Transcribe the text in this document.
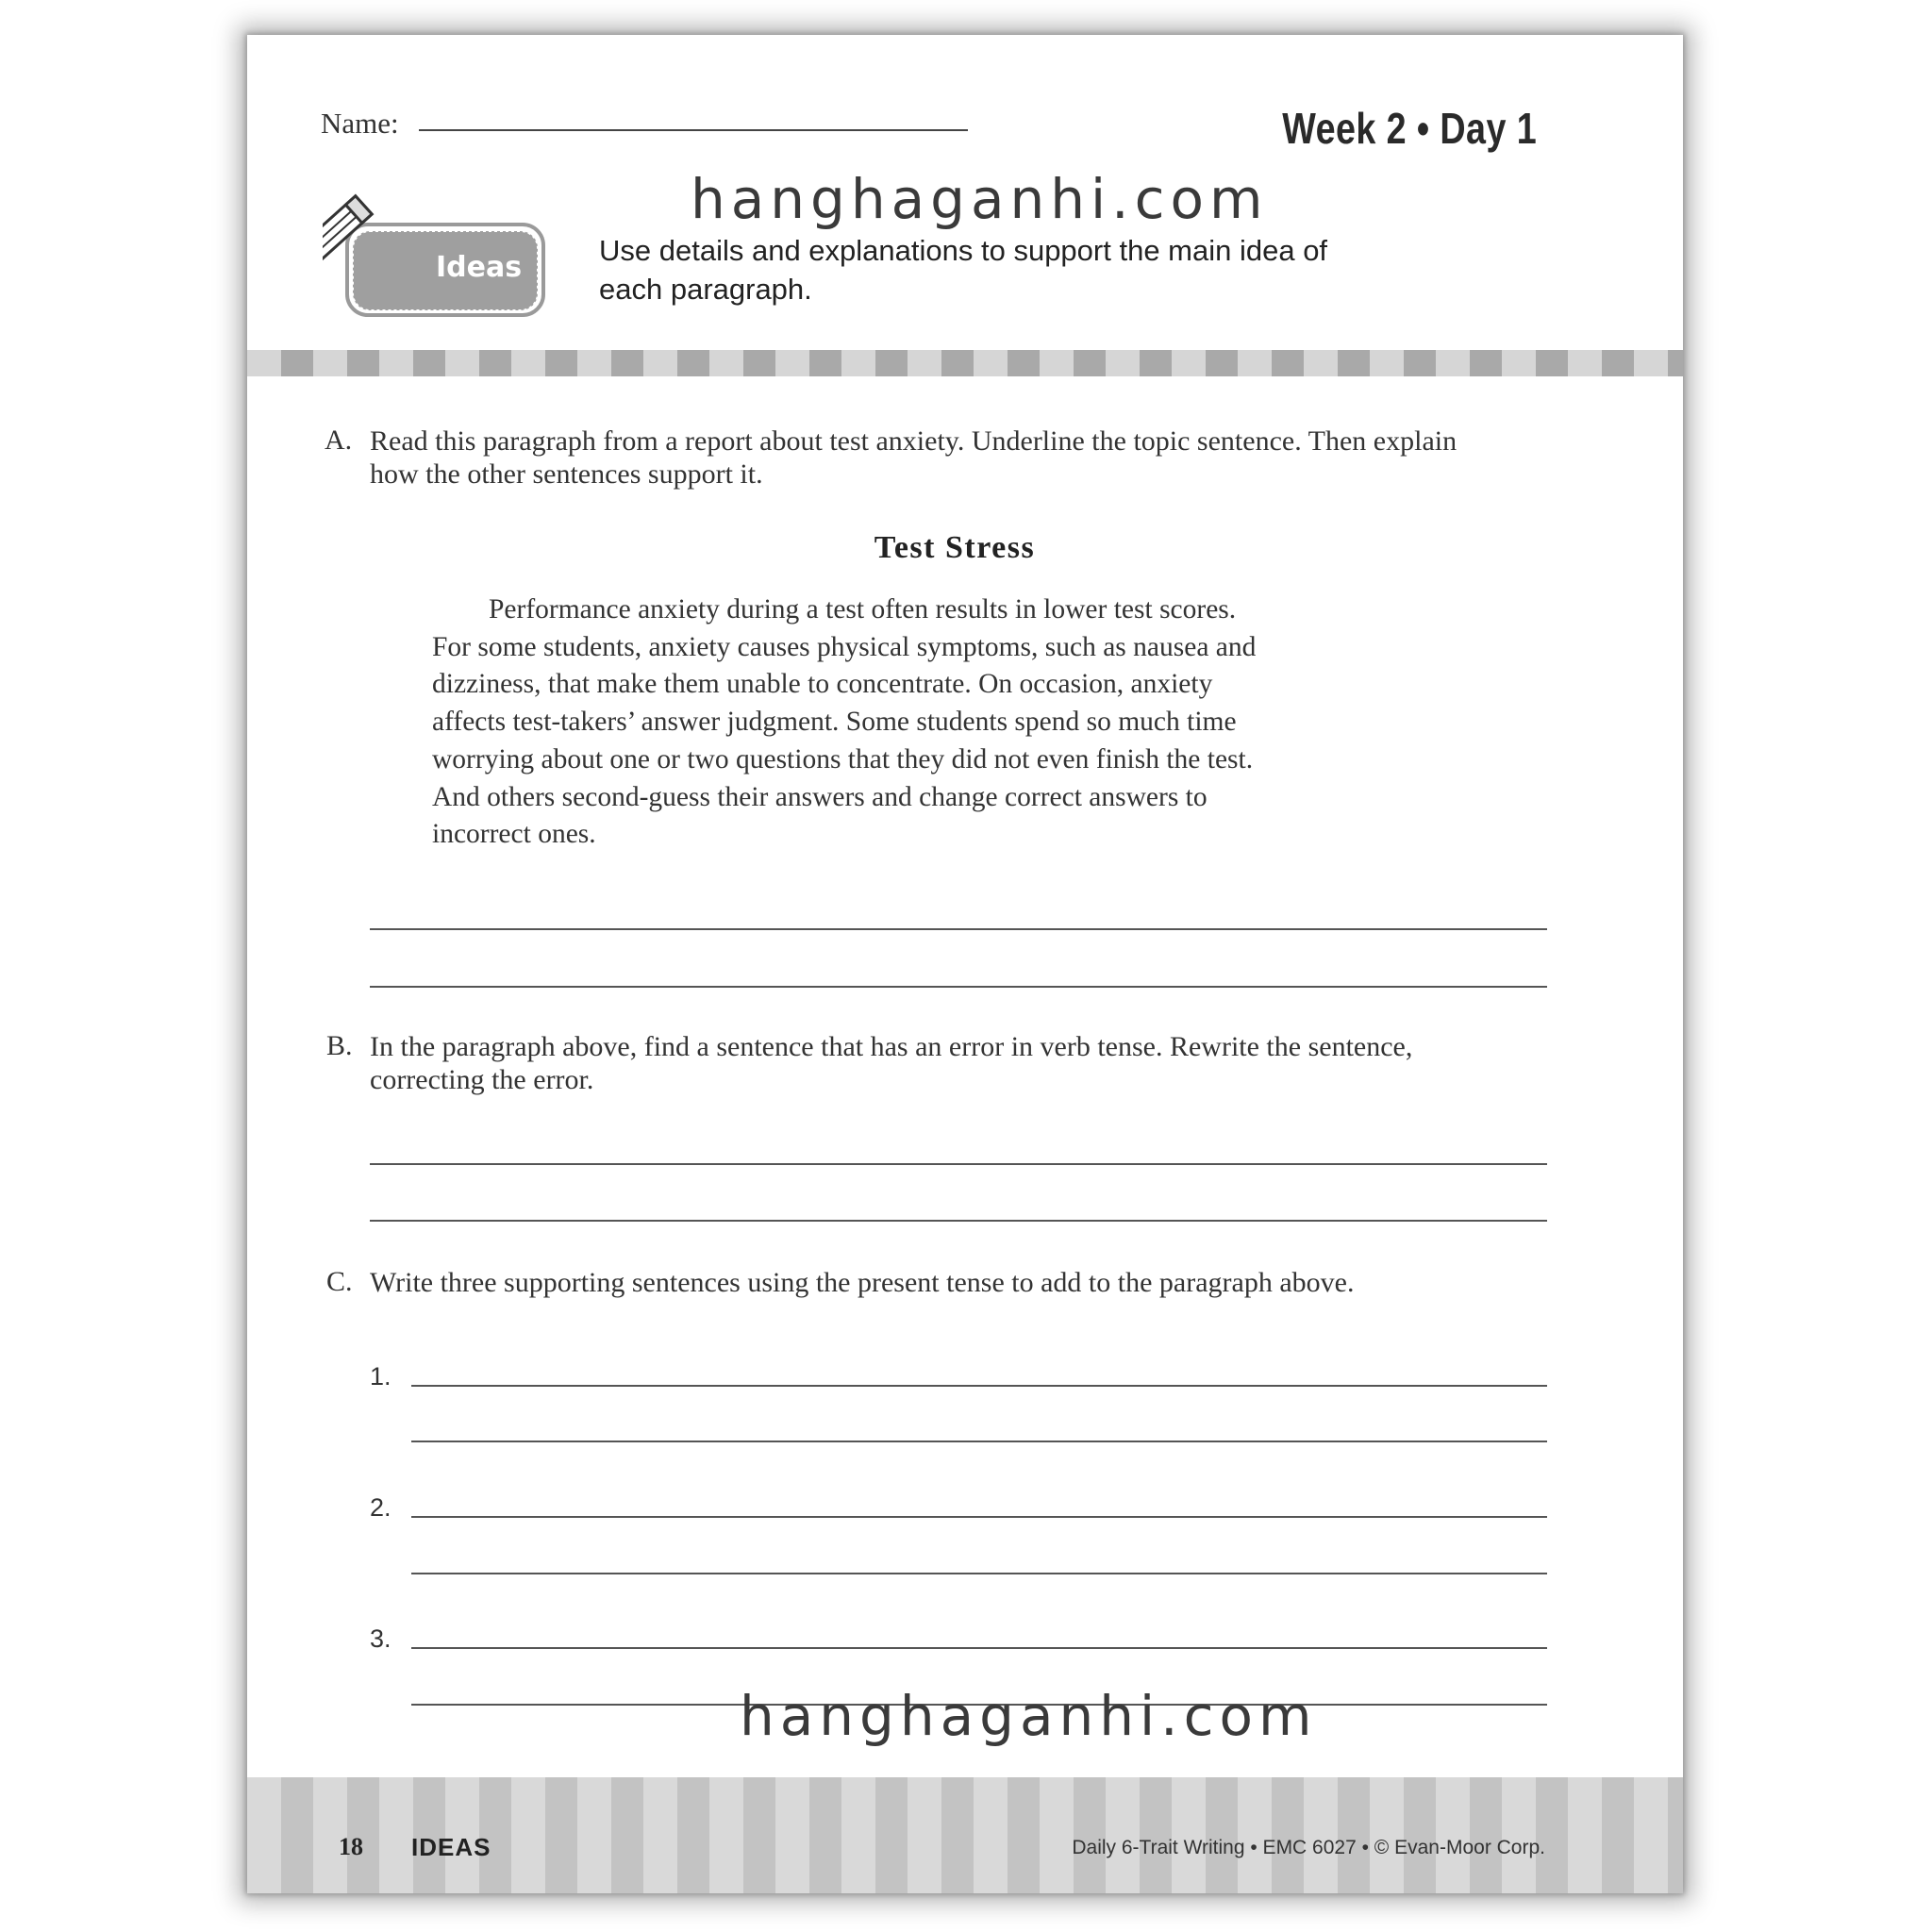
Name:	Week 2 • Day 1
hanghaganhi.com
Ideas
Use details and explanations to support the main idea of each paragraph.
A. Read this paragraph from a report about test anxiety. Underline the topic sentence. Then explain how the other sentences support it.
Test Stress
Performance anxiety during a test often results in lower test scores.
For some students, anxiety causes physical symptoms, such as nausea and
dizziness, that make them unable to concentrate. On occasion, anxiety
affects test-takers’ answer judgment. Some students spend so much time
worrying about one or two questions that they did not even finish the test.
And others second-guess their answers and change correct answers to
incorrect ones.
B. In the paragraph above, find a sentence that has an error in verb tense. Rewrite the sentence, correcting the error.
C. Write three supporting sentences using the present tense to add to the paragraph above.
1.
2.
3.
hanghaganhi.com
18 IDEAS	Daily 6-Trait Writing • EMC 6027 • © Evan-Moor Corp.
